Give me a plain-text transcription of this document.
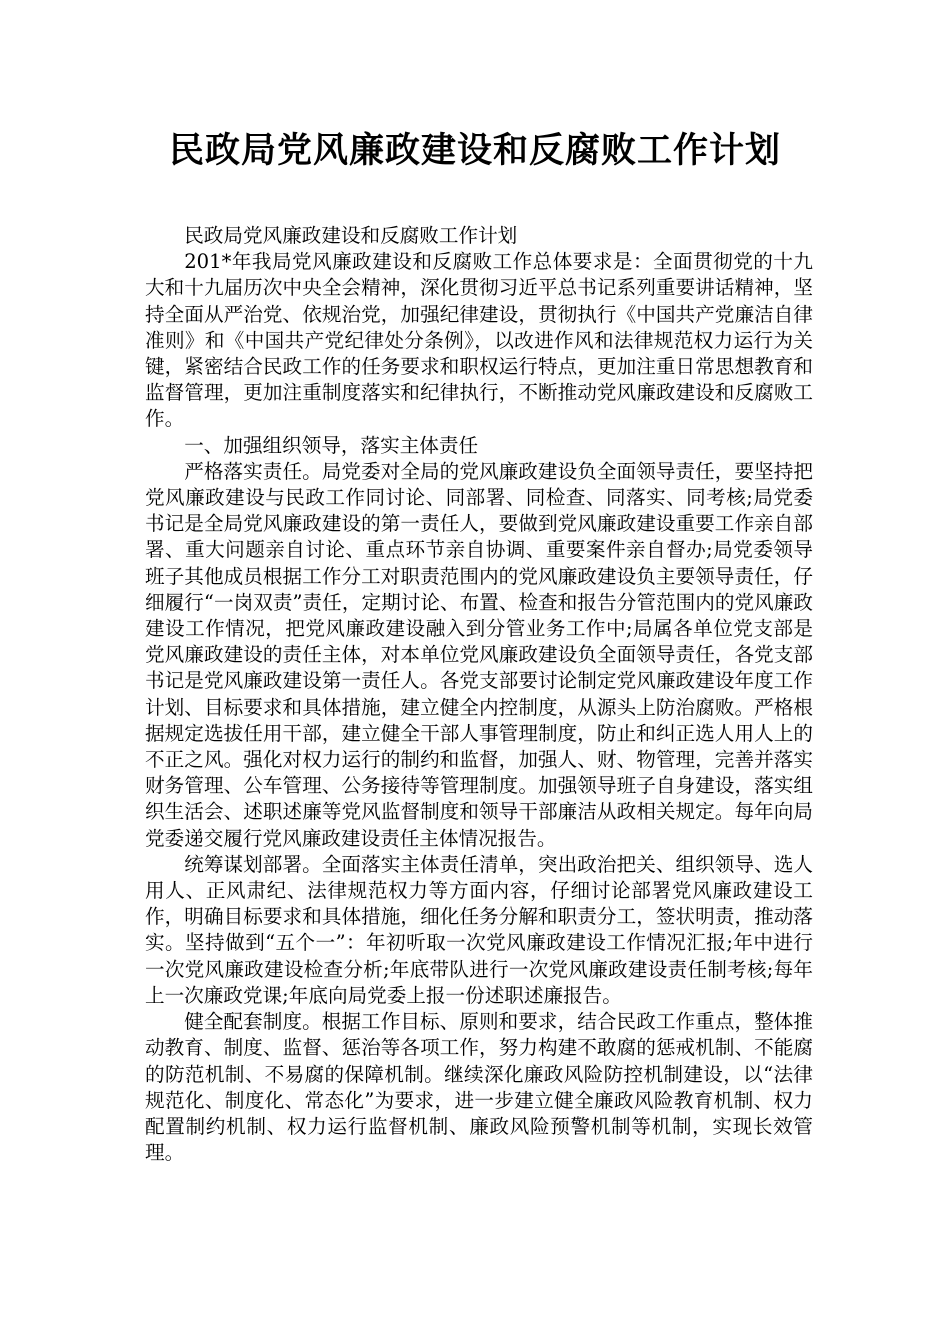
民政局党风廉政建设和反腐败工作计划

民政局党风廉政建设和反腐败工作计划

201*年我局党风廉政建设和反腐败工作总体要求是：全面贯彻党的十九大和十九届历次中央全会精神，深化贯彻习近平总书记系列重要讲话精神，坚持全面从严治党、依规治党，加强纪律建设，贯彻执行《中国共产党廉洁自律准则》和《中国共产党纪律处分条例》，以改进作风和法律规范权力运行为关键，紧密结合民政工作的任务要求和职权运行特点，更加注重日常思想教育和监督管理，更加注重制度落实和纪律执行，不断推动党风廉政建设和反腐败工作。

一、加强组织领导，落实主体责任

严格落实责任。局党委对全局的党风廉政建设负全面领导责任，要坚持把党风廉政建设与民政工作同讨论、同部署、同检查、同落实、同考核;局党委书记是全局党风廉政建设的第一责任人，要做到党风廉政建设重要工作亲自部署、重大问题亲自讨论、重点环节亲自协调、重要案件亲自督办;局党委领导班子其他成员根据工作分工对职责范围内的党风廉政建设负主要领导责任，仔细履行“一岗双责”责任，定期讨论、布置、检查和报告分管范围内的党风廉政建设工作情况，把党风廉政建设融入到分管业务工作中;局属各单位党支部是党风廉政建设的责任主体，对本单位党风廉政建设负全面领导责任，各党支部书记是党风廉政建设第一责任人。各党支部要讨论制定党风廉政建设年度工作计划、目标要求和具体措施，建立健全内控制度，从源头上防治腐败。严格根据规定选拔任用干部，建立健全干部人事管理制度，防止和纠正选人用人上的不正之风。强化对权力运行的制约和监督，加强人、财、物管理，完善并落实财务管理、公车管理、公务接待等管理制度。加强领导班子自身建设，落实组织生活会、述职述廉等党风监督制度和领导干部廉洁从政相关规定。每年向局党委递交履行党风廉政建设责任主体情况报告。

统筹谋划部署。全面落实主体责任清单，突出政治把关、组织领导、选人用人、正风肃纪、法律规范权力等方面内容，仔细讨论部署党风廉政建设工作，明确目标要求和具体措施，细化任务分解和职责分工，签状明责，推动落实。坚持做到“五个一”：年初听取一次党风廉政建设工作情况汇报;年中进行一次党风廉政建设检查分析;年底带队进行一次党风廉政建设责任制考核;每年上一次廉政党课;年底向局党委上报一份述职述廉报告。

健全配套制度。根据工作目标、原则和要求，结合民政工作重点，整体推动教育、制度、监督、惩治等各项工作，努力构建不敢腐的惩戒机制、不能腐的防范机制、不易腐的保障机制。继续深化廉政风险防控机制建设，以“法律规范化、制度化、常态化”为要求，进一步建立健全廉政风险教育机制、权力配置制约机制、权力运行监督机制、廉政风险预警机制等机制，实现长效管理。
